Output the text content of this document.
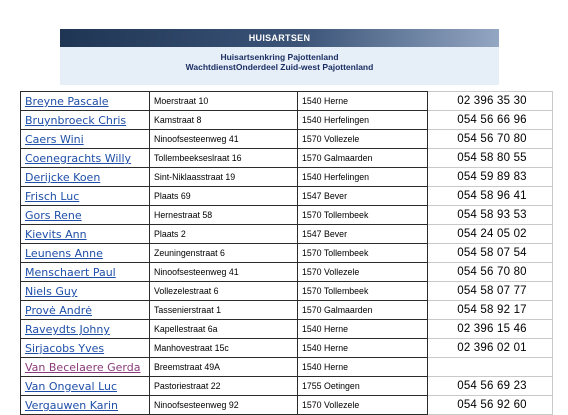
HUISARTSEN
Huisartsenkring Pajottenland
WachtdienstOnderdeel Zuid-west Pajottenland
Breyne Pascale	Moerstraat 10	1540 Herne	02 396 35 30
Bruynbroeck Chris	Kamstraat 8	1540 Herfelingen	054 56 66 96
Caers Wini	Ninoofsesteenweg 41	1570 Vollezele	054 56 70 80
Coenegrachts Willy	Tollembeekseslraat 16	1570 Galmaarden	054 58 80 55
Derijcke Koen	Sint-Niklaasstraat 19	1540 Herfelingen	054 59 89 83
Frisch Luc	Plaats 69	1547 Bever	054 58 96 41
Gors Rene	Hernestraat 58	1570 Tollembeek	054 58 93 53
Kievits Ann	Plaats 2	1547 Bever	054 24 05 02
Leunens Anne	Zeuningenstraat 6	1570 Tollembeek	054 58 07 54
Menschaert Paul	Ninoofsesteenweg 41	1570 Vollezele	054 56 70 80
Niels Guy	Vollezelestraat 6	1570 Tollembeek	054 58 07 77
Provė Andrė	Tassenierstraat 1	1570 Galmaarden	054 58 92 17
Raveydts Johny	Kapellestraat 6a	1540 Herne	02 396 15 46
Sirjacobs Yves	Manhovestraat 15c	1540 Herne	02 396 02 01
Van Becelaere Gerda	Breemstraat 49A	1540 Herne	
Van Ongeval Luc	Pastoriestraat 22	1755 Oetingen	054 56 69 23
Vergauwen Karin	Ninoofsesteenweg 92	1570 Vollezele	054 56 92 60
